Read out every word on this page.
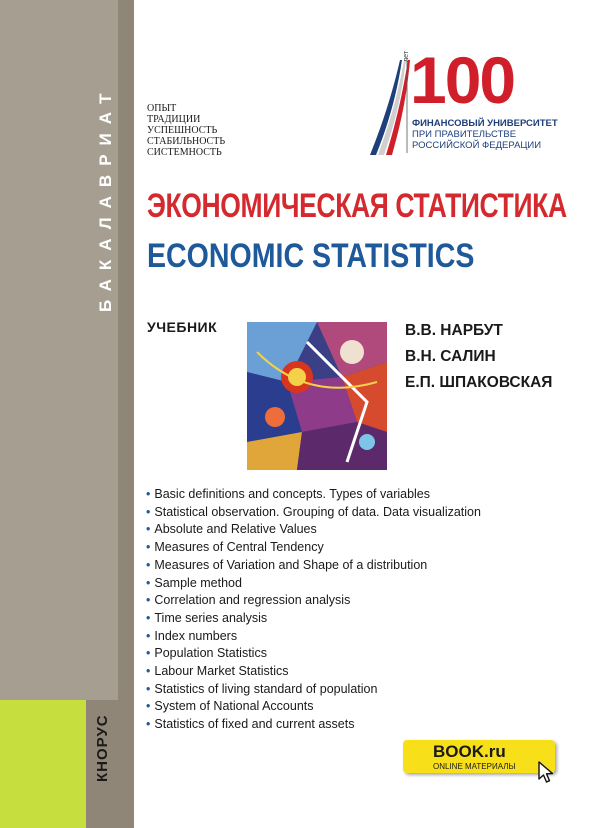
БАКАЛАВРИАТ
КНОРУС
ОПЫТ
ТРАДИЦИИ
УСПЕШНОСТЬ
СТАБИЛЬНОСТЬ
СИСТЕМНОСТЬ
100
лет
ФИНАНСОВЫЙ УНИВЕРСИТЕТ
ПРИ ПРАВИТЕЛЬСТВЕ
РОССИЙСКОЙ ФЕДЕРАЦИИ
ЭКОНОМИЧЕСКАЯ СТАТИСТИКА
ECONOMIC STATISTICS
УЧЕБНИК	В.В. НАРБУТ
В.Н. САЛИН
Е.П. ШПАКОВСКАЯ
• Basic definitions and concepts. Types of variables
• Statistical observation. Grouping of data. Data visualization
• Absolute and Relative Values
• Measures of Central Tendency
• Measures of Variation and Shape of a distribution
• Sample method
• Correlation and regression analysis
• Time series analysis
• Index numbers
• Population Statistics
• Labour Market Statistics
• Statistics of living standard of population
• System of National Accounts
• Statistics of fixed and current assets
BOOK.ru
ONLINE МАТЕРИАЛЫ
